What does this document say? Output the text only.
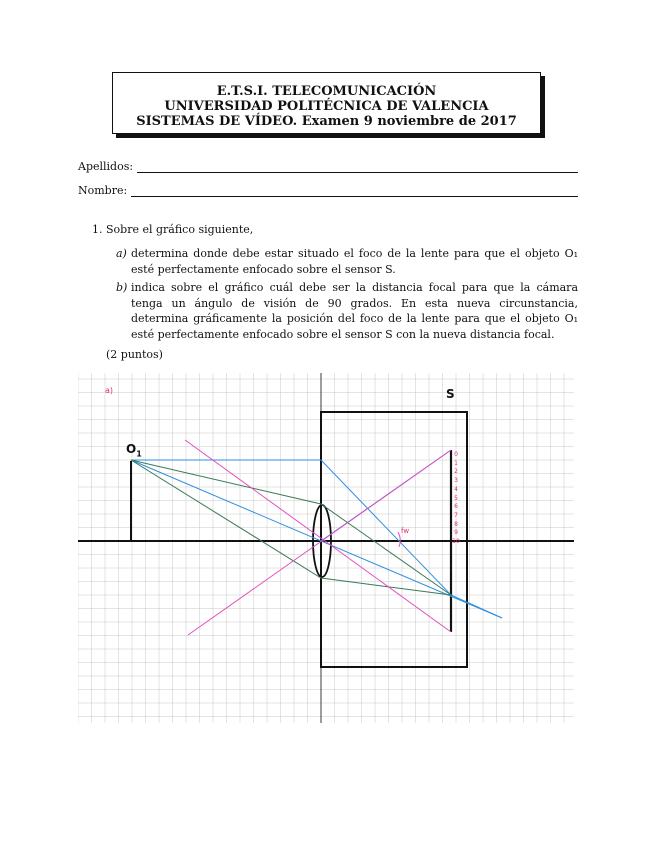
E.T.S.I. TELECOMUNICACIÓN
UNIVERSIDAD POLITÉCNICA DE VALENCIA
SISTEMAS DE VÍDEO. Examen 9 noviembre de 2017
Apellidos:
Nombre:
1. Sobre el gráfico siguiente,
a) determina donde debe estar situado el foco de la lente para que el objeto O₁ esté perfectamente enfocado sobre el sensor S.
b) indica sobre el gráfico cuál debe ser la distancia focal para que la cámara tenga un ángulo de visión de 90 grados. En esta nueva circunstancia, determina gráficamente la posición del foco de la lente para que el objeto O₁ esté perfectamente enfocado sobre el sensor S con la nueva distancia focal.
(2 puntos)
a)	S
$O_1$
fw
0
1
2
3
4
5
6
7
8
9
10
